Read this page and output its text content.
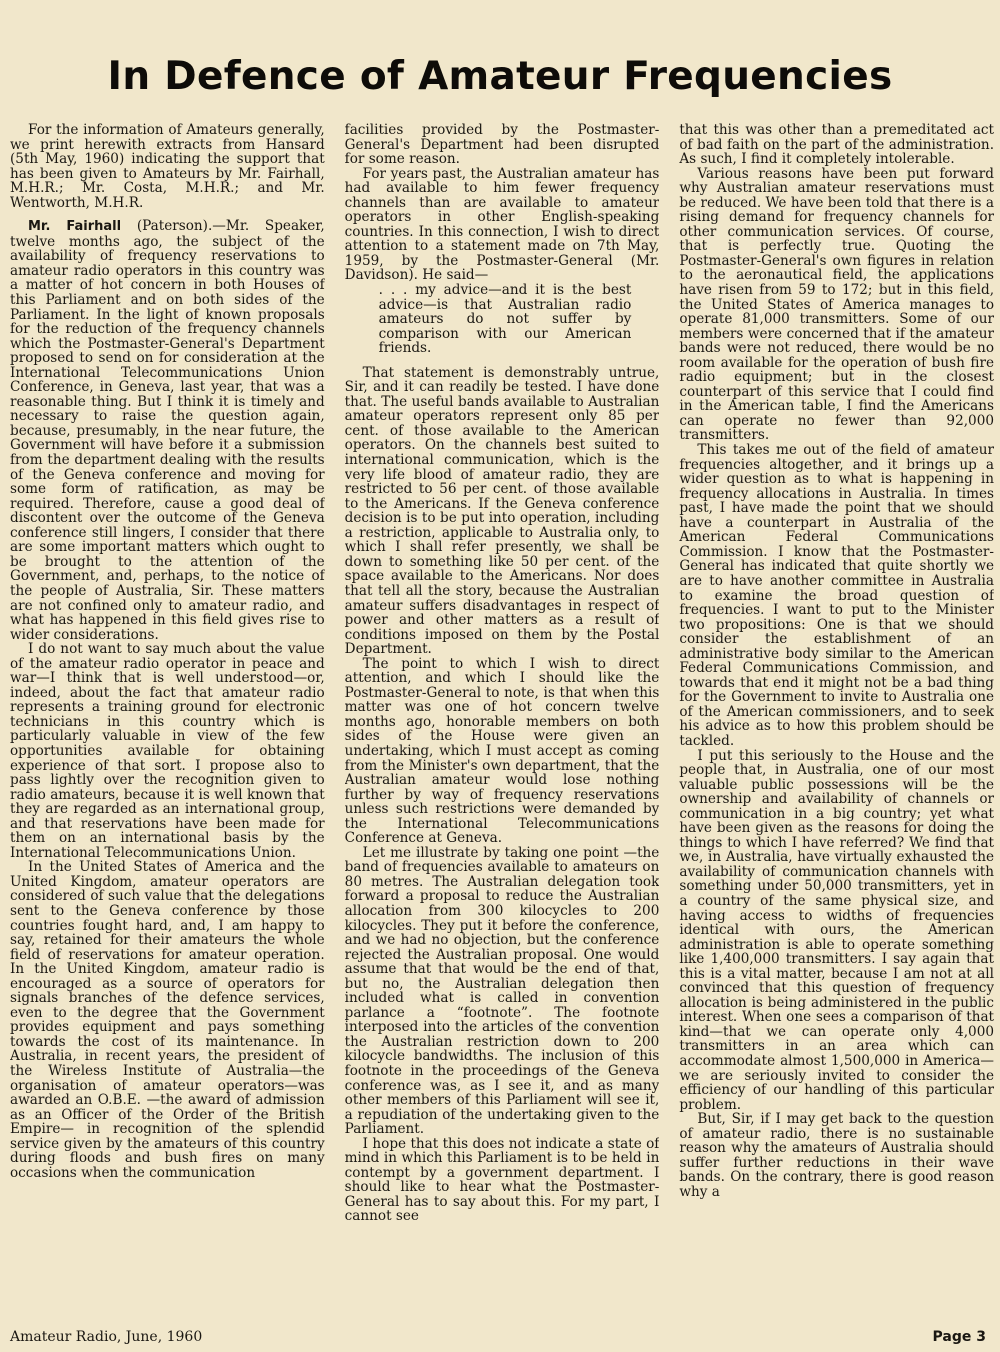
In Defence of Amateur Frequencies

For the information of Amateurs generally, we print herewith extracts from Hansard (5th May, 1960) indicating the support that has been given to Amateurs by Mr. Fairhall, M.H.R.; Mr. Costa, M.H.R.; and Mr. Wentworth, M.H.R.

Mr. Fairhall (Paterson).—Mr. Speaker, twelve months ago, the subject of the availability of frequency reservations to amateur radio operators in this country was a matter of hot concern in both Houses of this Parliament and on both sides of the Parliament. In the light of known proposals for the reduction of the frequency channels which the Postmaster-General's Department proposed to send on for consideration at the International Telecommunications Union Conference, in Geneva, last year, that was a reasonable thing. But I think it is timely and necessary to raise the question again, because, presumably, in the near future, the Government will have before it a submission from the department dealing with the results of the Geneva conference and moving for some form of ratification, as may be required. Therefore, cause a good deal of discontent over the outcome of the Geneva conference still lingers, I consider that there are some important matters which ought to be brought to the attention of the Government, and, perhaps, to the notice of the people of Australia, Sir. These matters are not confined only to amateur radio, and what has happened in this field gives rise to wider considerations.

I do not want to say much about the value of the amateur radio operator in peace and war—I think that is well understood—or, indeed, about the fact that amateur radio represents a training ground for electronic technicians in this country which is particularly valuable in view of the few opportunities available for obtaining experience of that sort. I propose also to pass lightly over the recognition given to radio amateurs, because it is well known that they are regarded as an international group, and that reservations have been made for them on an international basis by the International Telecommunications Union.

In the United States of America and the United Kingdom, amateur operators are considered of such value that the delegations sent to the Geneva conference by those countries fought hard, and, I am happy to say, retained for their amateurs the whole field of reservations for amateur operation. In the United Kingdom, amateur radio is encouraged as a source of operators for signals branches of the defence services, even to the degree that the Government provides equipment and pays something towards the cost of its maintenance. In Australia, in recent years, the president of the Wireless Institute of Australia—the organisation of amateur operators—was awarded an O.B.E. —the award of admission as an Officer of the Order of the British Empire— in recognition of the splendid service given by the amateurs of this country during floods and bush fires on many occasions when the communication

facilities provided by the Postmaster-General's Department had been disrupted for some reason.

For years past, the Australian amateur has had available to him fewer frequency channels than are available to amateur operators in other English-speaking countries. In this connection, I wish to direct attention to a statement made on 7th May, 1959, by the Postmaster-General (Mr. Davidson). He said—

. . . my advice—and it is the best advice—is that Australian radio amateurs do not suffer by comparison with our American friends.

That statement is demonstrably untrue, Sir, and it can readily be tested. I have done that. The useful bands available to Australian amateur operators represent only 85 per cent. of those available to the American operators. On the channels best suited to international communication, which is the very life blood of amateur radio, they are restricted to 56 per cent. of those available to the Americans. If the Geneva conference decision is to be put into operation, including a restriction, applicable to Australia only, to which I shall refer presently, we shall be down to something like 50 per cent. of the space available to the Americans. Nor does that tell all the story, because the Australian amateur suffers disadvantages in respect of power and other matters as a result of conditions imposed on them by the Postal Department.

The point to which I wish to direct attention, and which I should like the Postmaster-General to note, is that when this matter was one of hot concern twelve months ago, honorable members on both sides of the House were given an undertaking, which I must accept as coming from the Minister's own department, that the Australian amateur would lose nothing further by way of frequency reservations unless such restrictions were demanded by the International Telecommunications Conference at Geneva.

Let me illustrate by taking one point —the band of frequencies available to amateurs on 80 metres. The Australian delegation took forward a proposal to reduce the Australian allocation from 300 kilocycles to 200 kilocycles. They put it before the conference, and we had no objection, but the conference rejected the Australian proposal. One would assume that that would be the end of that, but no, the Australian delegation then included what is called in convention parlance a “footnote”. The footnote interposed into the articles of the convention the Australian restriction down to 200 kilocycle bandwidths. The inclusion of this footnote in the proceedings of the Geneva conference was, as I see it, and as many other members of this Parliament will see it, a repudiation of the undertaking given to the Parliament.

I hope that this does not indicate a state of mind in which this Parliament is to be held in contempt by a government department. I should like to hear what the Postmaster-General has to say about this. For my part, I cannot see

that this was other than a premeditated act of bad faith on the part of the administration. As such, I find it completely intolerable.

Various reasons have been put forward why Australian amateur reservations must be reduced. We have been told that there is a rising demand for frequency channels for other communication services. Of course, that is perfectly true. Quoting the Postmaster-General's own figures in relation to the aeronautical field, the applications have risen from 59 to 172; but in this field, the United States of America manages to operate 81,000 transmitters. Some of our members were concerned that if the amateur bands were not reduced, there would be no room available for the operation of bush fire radio equipment; but in the closest counterpart of this service that I could find in the American table, I find the Americans can operate no fewer than 92,000 transmitters.

This takes me out of the field of amateur frequencies altogether, and it brings up a wider question as to what is happening in frequency allocations in Australia. In times past, I have made the point that we should have a counterpart in Australia of the American Federal Communications Commission. I know that the Postmaster-General has indicated that quite shortly we are to have another committee in Australia to examine the broad question of frequencies. I want to put to the Minister two propositions: One is that we should consider the establishment of an administrative body similar to the American Federal Communications Commission, and towards that end it might not be a bad thing for the Government to invite to Australia one of the American commissioners, and to seek his advice as to how this problem should be tackled.

I put this seriously to the House and the people that, in Australia, one of our most valuable public possessions will be the ownership and availability of channels or communication in a big country; yet what have been given as the reasons for doing the things to which I have referred? We find that we, in Australia, have virtually exhausted the availability of communication channels with something under 50,000 transmitters, yet in a country of the same physical size, and having access to widths of frequencies identical with ours, the American administration is able to operate something like 1,400,000 transmitters. I say again that this is a vital matter, because I am not at all convinced that this question of frequency allocation is being administered in the public interest. When one sees a comparison of that kind—that we can operate only 4,000 transmitters in an area which can accommodate almost 1,500,000 in America—we are seriously invited to consider the efficiency of our handling of this particular problem.

But, Sir, if I may get back to the question of amateur radio, there is no sustainable reason why the amateurs of Australia should suffer further reductions in their wave bands. On the contrary, there is good reason why a

Amateur Radio, June, 1960	Page 3
